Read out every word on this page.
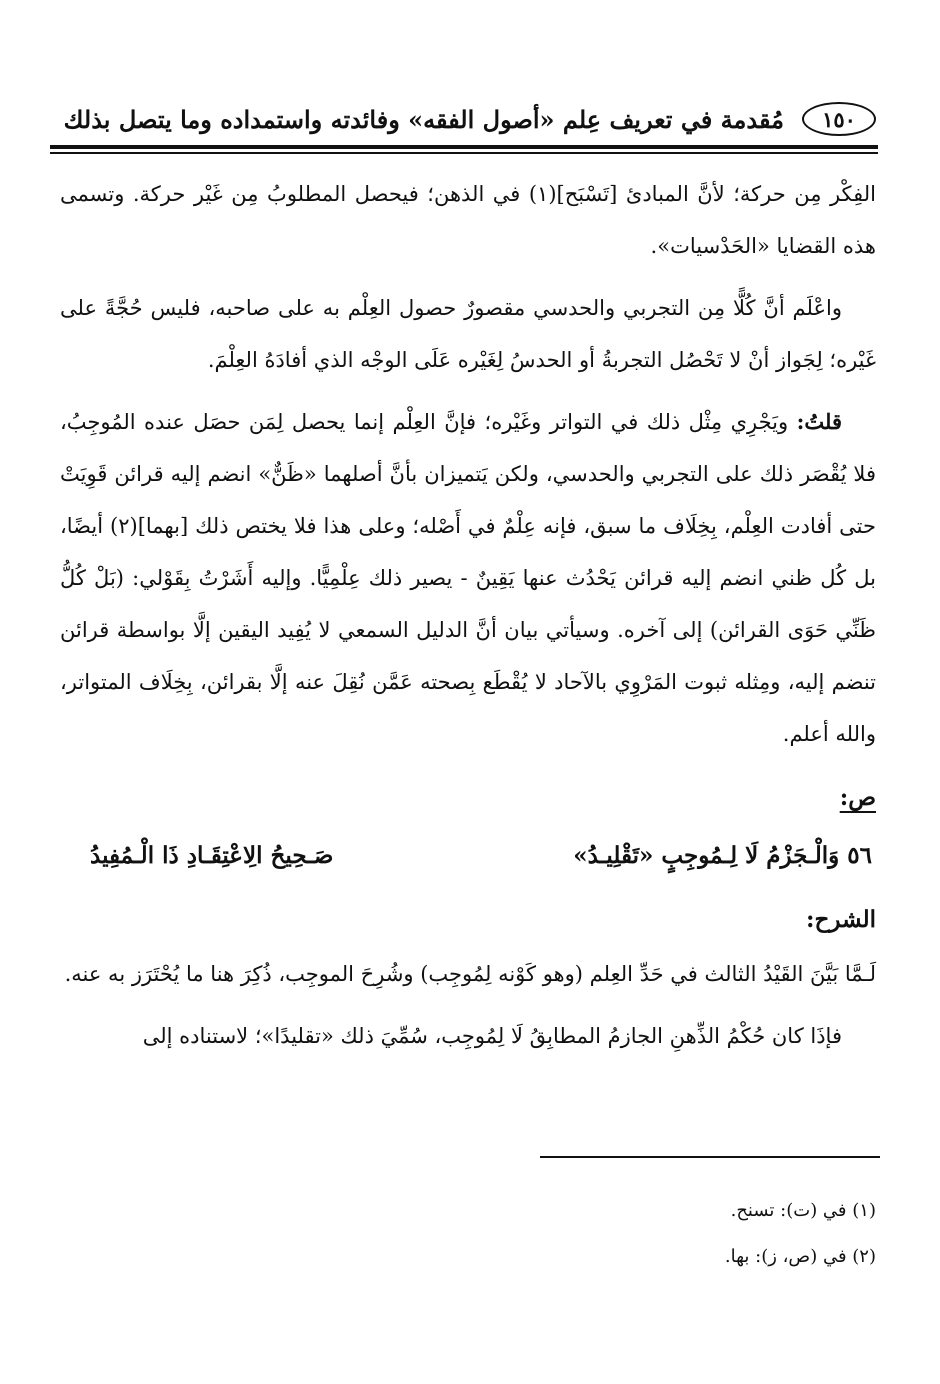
١٥٠
مُقدمة في تعريف عِلم «أصول الفقه» وفائدته واستمداده وما يتصل بذلك

الفِكْر مِن حركة؛ لأنَّ المبادئ [تَسْبَح](١) في الذهن؛ فيحصل المطلوبُ مِن غَيْر حركة. وتسمى هذه القضايا «الحَدْسيات».

واعْلَم أنَّ كُلًّا مِن التجربي والحدسي مقصورٌ حصول العِلْم به على صاحبه، فليس حُجَّةً على غَيْره؛ لِجَواز أنْ لا تَحْصُل التجربةُ أو الحدسُ لِغَيْره عَلَى الوجْه الذي أفادَهُ العِلْمَ.

قلتُ: ويَجْرِي مِثْل ذلك في التواتر وغَيْره؛ فإنَّ العِلْم إنما يحصل لِمَن حصَل عنده المُوجِبُ، فلا يُقْصَر ذلك على التجربي والحدسي، ولكن يَتميزان بأنَّ أصلهما «ظَنٌّ» انضم إليه قرائن قَوِيَتْ حتى أفادت العِلْم، بِخِلَاف ما سبق، فإنه عِلْمٌ في أَصْله؛ وعلى هذا فلا يختص ذلك [بهما](٢) أيضًا، بل كُل ظني انضم إليه قرائن يَحْدُث عنها يَقِينٌ - يصير ذلك عِلْمِيًّا. وإليه أَشَرْتُ بِقَوْلي: (بَلْ كُلُّ ظَنِّي حَوَى القرائن) إلى آخره. وسيأتي بيان أنَّ الدليل السمعي لا يُفِيد اليقين إلَّا بواسطة قرائن تنضم إليه، ومِثله ثبوت المَرْوِي بالآحاد لا يُقْطَع بِصحته عَمَّن نُقِلَ عنه إلَّا بقرائن، بِخِلَاف المتواتر، والله أعلم.

ص:
٥٦ وَالْـجَزْمُ لَا لِـمُوجِبٍ «تَقْلِيـدُ»
صَـحِيحُ الِاعْتِقَـادِ ذَا الْـمُفِيدُ
الشرح:

لَـمَّا بَيَّنَ القَيْدُ الثالث في حَدِّ العِلم (وهو كَوْنه لِمُوجِب) وشُرِحَ الموجِب، ذُكِرَ هنا ما يُحْتَرَز به عنه.

فإذَا كان حُكْمُ الذِّهنِ الجازمُ المطابِقُ لَا لِمُوجِب، سُمِّيَ ذلك «تقليدًا»؛ لاستناده إلى

(١) في (ت): تسنح.
(٢) في (ص، ز): بها.
